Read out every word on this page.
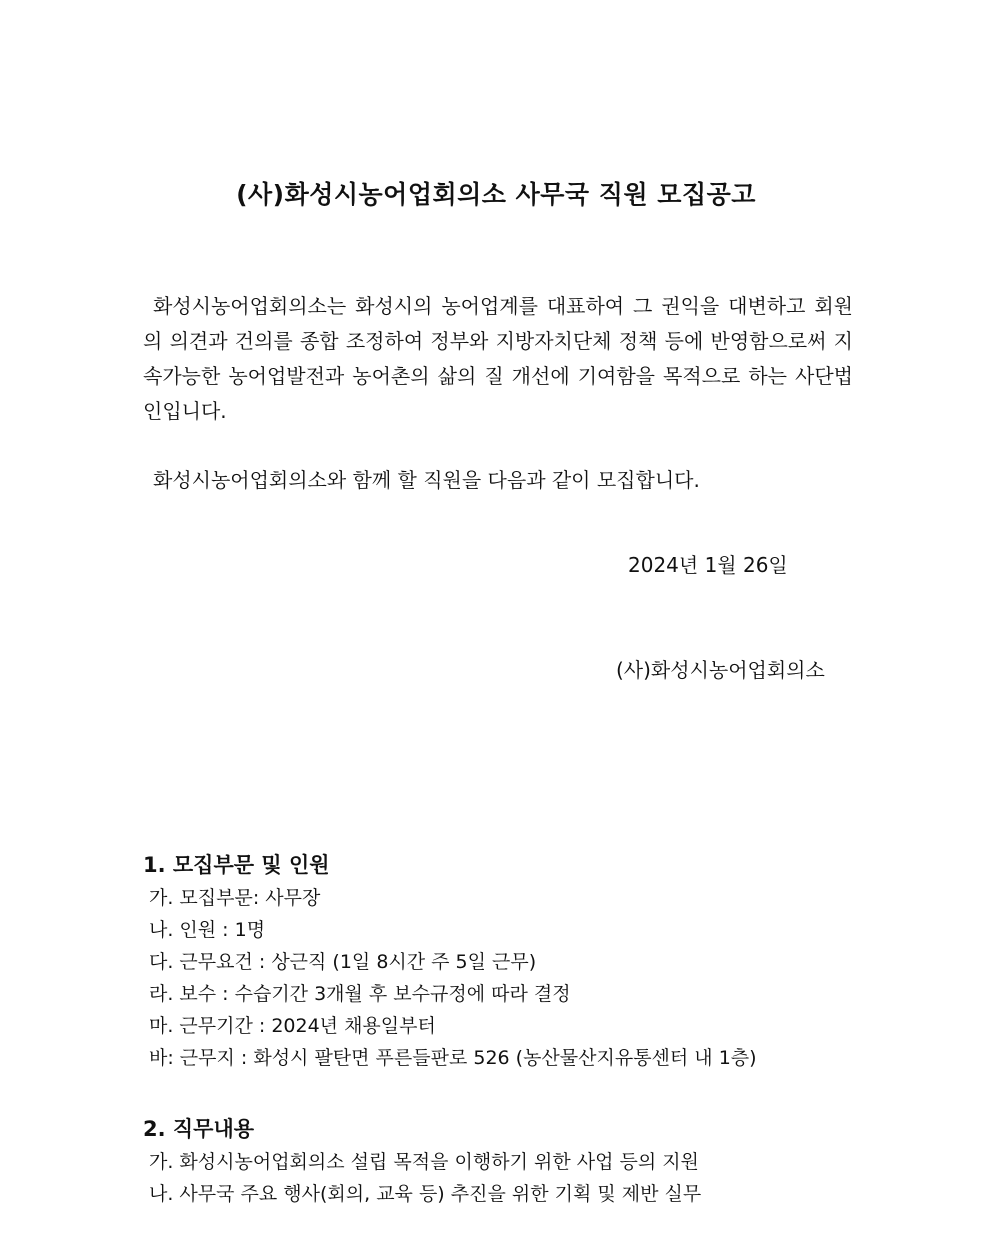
(사)화성시농어업회의소 사무국 직원 모집공고

화성시농어업회의소는 화성시의 농어업계를 대표하여 그 권익을 대변하고 회원의 의견과 건의를 종합 조정하여 정부와 지방자치단체 정책 등에 반영함으로써 지속가능한 농어업발전과 농어촌의 삶의 질 개선에 기여함을 목적으로 하는 사단법인입니다.

화성시농어업회의소와 함께 할 직원을 다음과 같이 모집합니다.

2024년 1월 26일
(사)화성시농어업회의소
1. 모집부문 및 인원
가. 모집부문: 사무장
나. 인원 : 1명
다. 근무요건 : 상근직 (1일 8시간 주 5일 근무)
라. 보수 : 수습기간 3개월 후 보수규정에 따라 결정
마. 근무기간 : 2024년 채용일부터
바: 근무지 : 화성시 팔탄면 푸른들판로 526 (농산물산지유통센터 내 1층)
2. 직무내용
가. 화성시농어업회의소 설립 목적을 이행하기 위한 사업 등의 지원
나. 사무국 주요 행사(회의, 교육 등) 추진을 위한 기획 및 제반 실무
